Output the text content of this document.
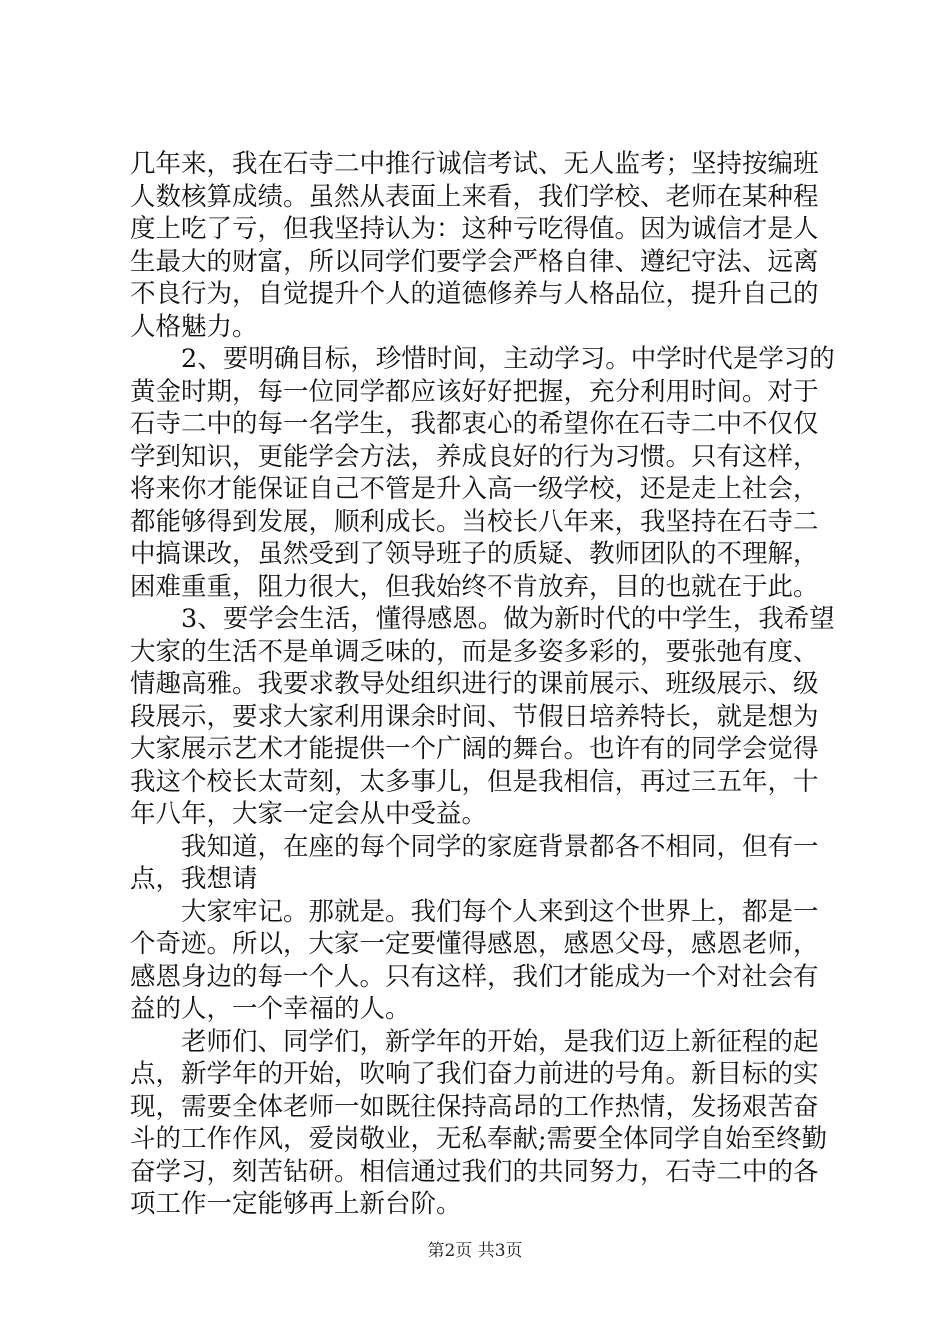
几年来，我在石寺二中推行诚信考试、无人监考；坚持按编班
人数核算成绩。虽然从表面上来看，我们学校、老师在某种程
度上吃了亏，但我坚持认为：这种亏吃得值。因为诚信才是人
生最大的财富，所以同学们要学会严格自律、遵纪守法、远离
不良行为，自觉提升个人的道德修养与人格品位，提升自己的
人格魅力。
2、要明确目标，珍惜时间，主动学习。中学时代是学习的
黄金时期，每一位同学都应该好好把握，充分利用时间。对于
石寺二中的每一名学生，我都衷心的希望你在石寺二中不仅仅
学到知识，更能学会方法，养成良好的行为习惯。只有这样，
将来你才能保证自己不管是升入高一级学校，还是走上社会，
都能够得到发展，顺利成长。当校长八年来，我坚持在石寺二
中搞课改，虽然受到了领导班子的质疑、教师团队的不理解，
困难重重，阻力很大，但我始终不肯放弃，目的也就在于此。
3、要学会生活，懂得感恩。做为新时代的中学生，我希望
大家的生活不是单调乏味的，而是多姿多彩的，要张弛有度、
情趣高雅。我要求教导处组织进行的课前展示、班级展示、级
段展示，要求大家利用课余时间、节假日培养特长，就是想为
大家展示艺术才能提供一个广阔的舞台。也许有的同学会觉得
我这个校长太苛刻，太多事儿，但是我相信，再过三五年，十
年八年，大家一定会从中受益。
我知道，在座的每个同学的家庭背景都各不相同，但有一
点，我想请
大家牢记。那就是。我们每个人来到这个世界上，都是一
个奇迹。所以，大家一定要懂得感恩，感恩父母，感恩老师，
感恩身边的每一个人。只有这样，我们才能成为一个对社会有
益的人，一个幸福的人。
老师们、同学们，新学年的开始，是我们迈上新征程的起
点，新学年的开始，吹响了我们奋力前进的号角。新目标的实
现，需要全体老师一如既往保持高昂的工作热情，发扬艰苦奋
斗的工作作风，爱岗敬业，无私奉献;需要全体同学自始至终勤
奋学习，刻苦钻研。相信通过我们的共同努力，石寺二中的各
项工作一定能够再上新台阶。
第2页 共3页
